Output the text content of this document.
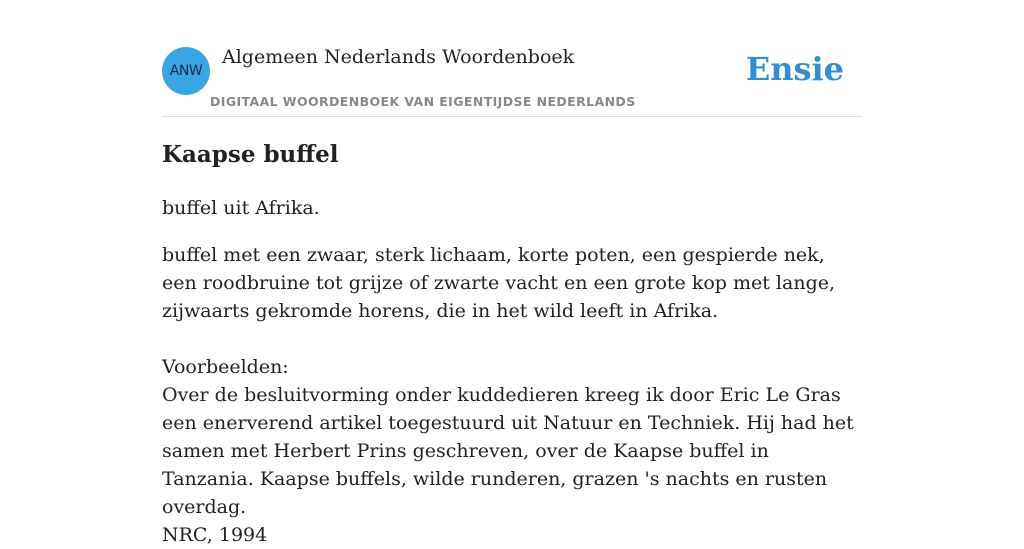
ANW
Algemeen Nederlands Woordenboek
DIGITAAL WOORDENBOEK VAN EIGENTIJDSE NEDERLANDS
Ensie
Kaapse buffel

buffel uit Afrika.

buffel met een zwaar, sterk lichaam, korte poten, een gespierde nek, een roodbruine tot grijze of zwarte vacht en een grote kop met lange, zijwaarts gekromde horens, die in het wild leeft in Afrika.

Voorbeelden:

Over de besluitvorming onder kuddedieren kreeg ik door Eric Le Gras een enerverend artikel toegestuurd uit Natuur en Techniek. Hij had het samen met Herbert Prins geschreven, over de Kaapse buffel in Tanzania. Kaapse buffels, wilde runderen, grazen 's nachts en rusten overdag.

NRC, 1994
